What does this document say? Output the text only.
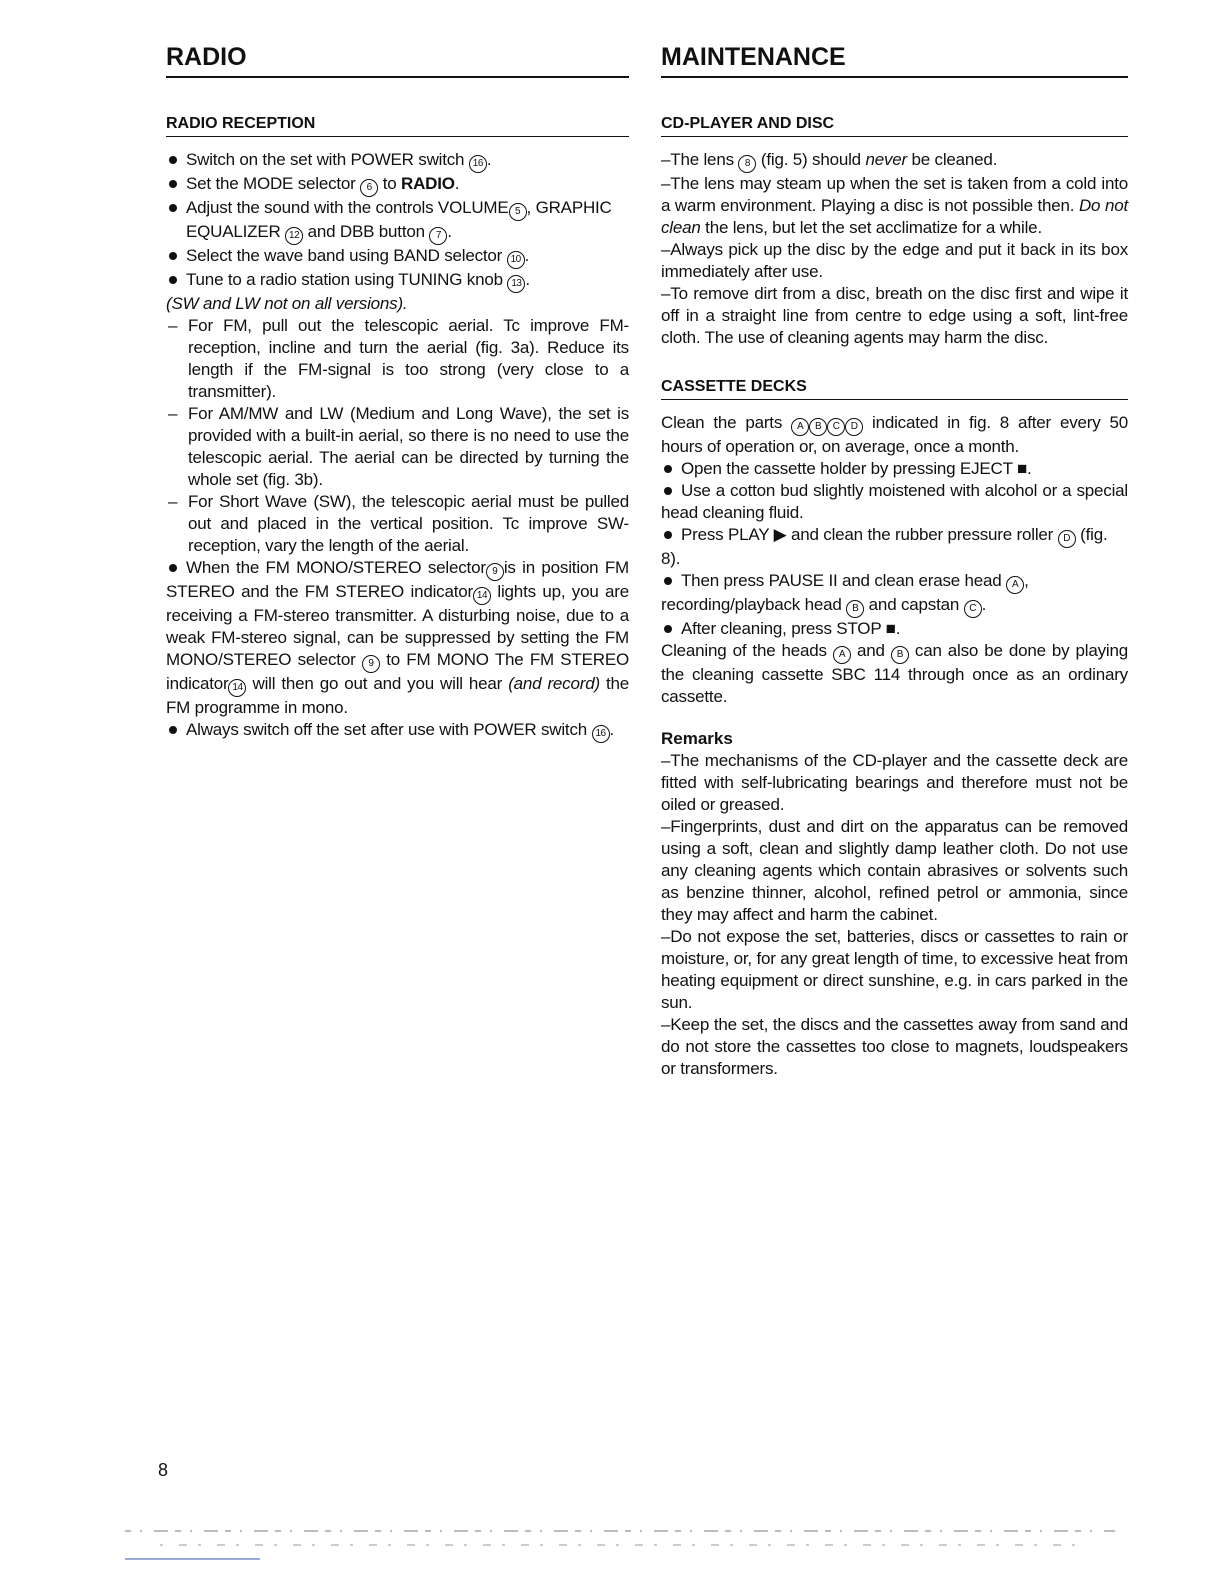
RADIO
RADIO RECEPTION
Switch on the set with POWER switch 16 .
Set the MODE selector 6 to RADIO.
Adjust the sound with the controls VOLUME 5 , GRAPHIC EQUALIZER 12 and DBB button 7 .
Select the wave band using BAND selector 10 .
Tune to a radio station using TUNING knob 13 .

(SW and LW not on all versions).

– For FM, pull out the telescopic aerial. Tc improve FM-reception, incline and turn the aerial (fig. 3a). Reduce its length if the FM-signal is too strong (very close to a transmitter).
– For AM/MW and LW (Medium and Long Wave), the set is provided with a built-in aerial, so there is no need to use the telescopic aerial. The aerial can be directed by turning the whole set (fig. 3b).
– For Short Wave (SW), the telescopic aerial must be pulled out and placed in the vertical position. Tc improve SW-reception, vary the length of the aerial.

When the FM MONO/STEREO selector 9 is in position FM STEREO and the FM STEREO indicator 14 lights up, you are receiving a FM-stereo transmitter. A disturbing noise, due to a weak FM-stereo signal, can be suppressed by setting the FM MONO/STEREO selector 9 to FM MONO The FM STEREO indicator 14 will then go out and you will hear (and record) the FM programme in mono.

Always switch off the set after use with POWER switch 16 .

MAINTENANCE
CD-PLAYER AND DISC

–The lens 8 (fig. 5) should never be cleaned.

–The lens may steam up when the set is taken from a cold into a warm environment. Playing a disc is not possible then. Do not clean the lens, but let the set acclimatize for a while.

–Always pick up the disc by the edge and put it back in its box immediately after use.

–To remove dirt from a disc, breath on the disc first and wipe it off in a straight line from centre to edge using a soft, lint-free cloth. The use of cleaning agents may harm the disc.

CASSETTE DECKS

Clean the parts A B C D indicated in fig. 8 after every 50 hours of operation or, on average, once a month.

Open the cassette holder by pressing EJECT ■.
Use a cotton bud slightly moistened with alcohol or a special head cleaning fluid.
Press PLAY ▶ and clean the rubber pressure roller D (fig. 8).
Then press PAUSE II and clean erase head A , recording/playback head B and capstan C .
After cleaning, press STOP ■.

Cleaning of the heads A and B can also be done by playing the cleaning cassette SBC 114 through once as an ordinary cassette.

Remarks

–The mechanisms of the CD-player and the cassette deck are fitted with self-lubricating bearings and therefore must not be oiled or greased.

–Fingerprints, dust and dirt on the apparatus can be removed using a soft, clean and slightly damp leather cloth. Do not use any cleaning agents which contain abrasives or solvents such as benzine thinner, alcohol, refined petrol or ammonia, since they may affect and harm the cabinet.

–Do not expose the set, batteries, discs or cassettes to rain or moisture, or, for any great length of time, to excessive heat from heating equipment or direct sunshine, e.g. in cars parked in the sun.

–Keep the set, the discs and the cassettes away from sand and do not store the cassettes too close to magnets, loudspeakers or transformers.

8
